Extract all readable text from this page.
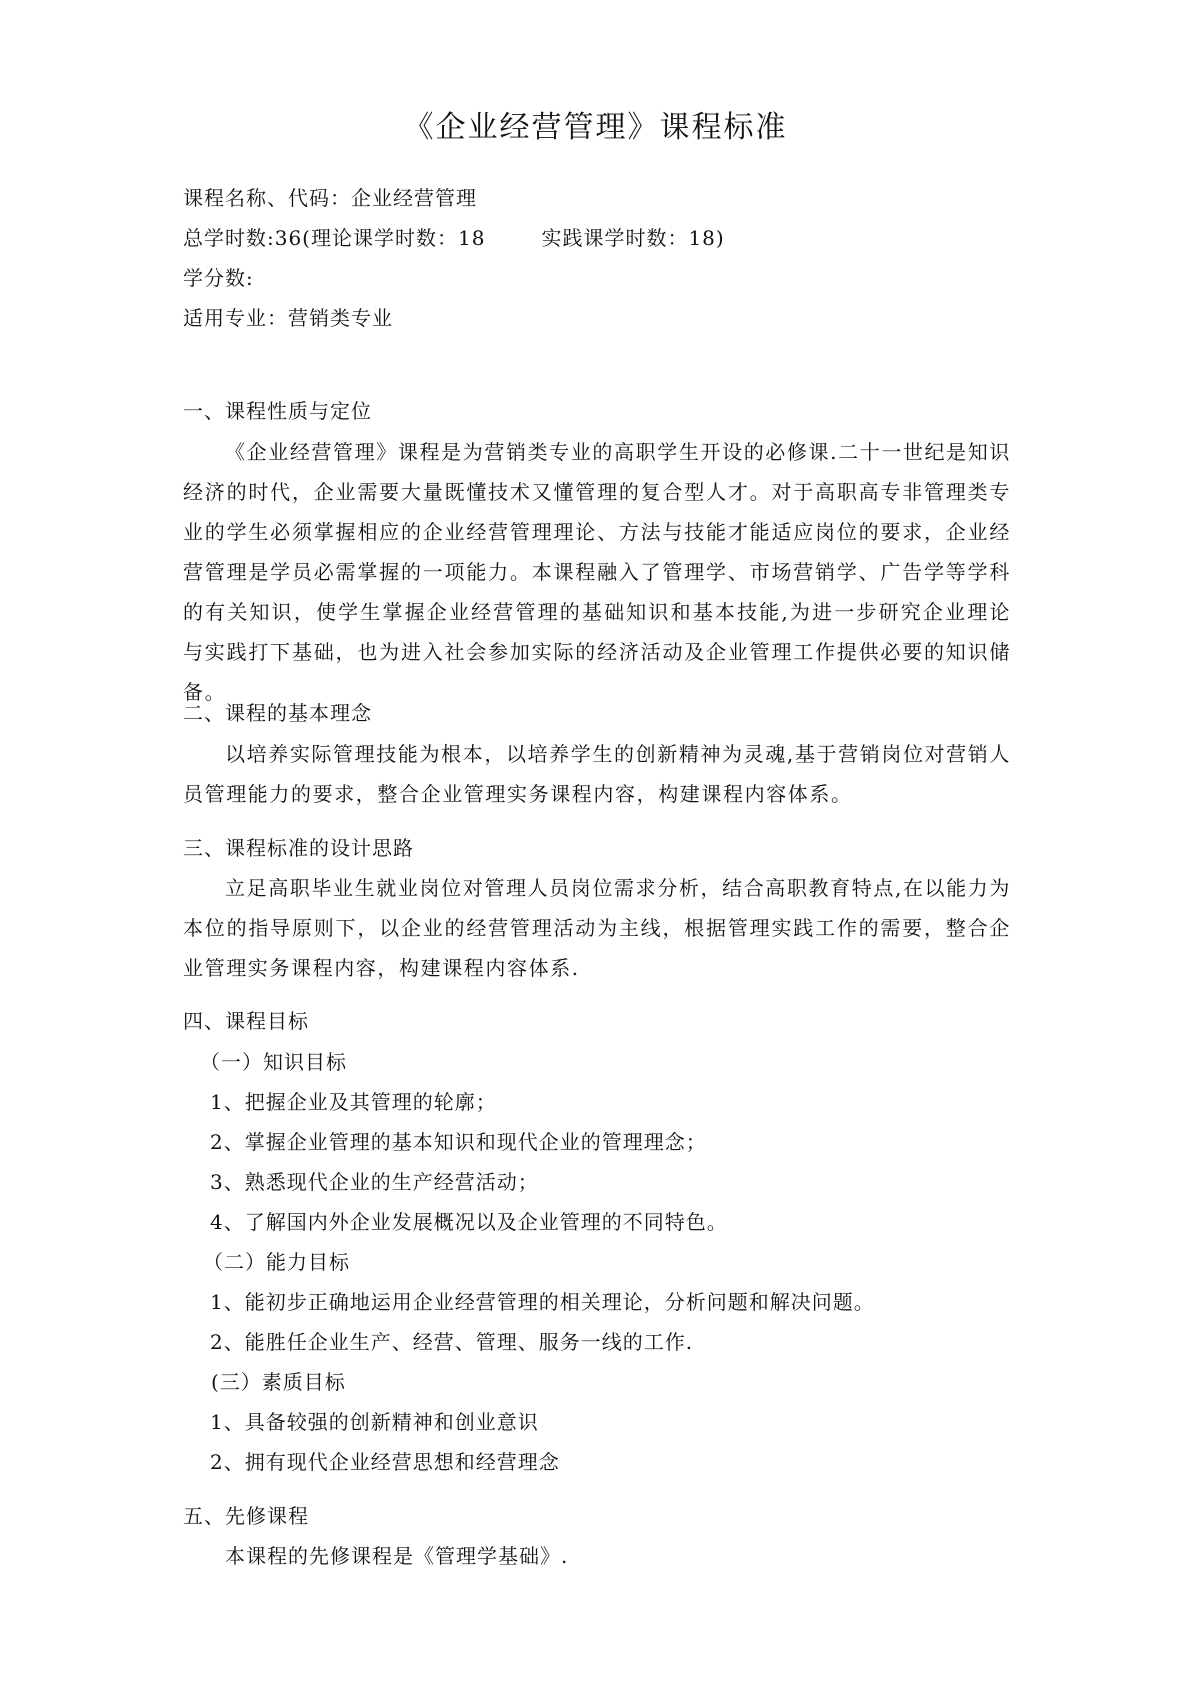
《企业经营管理》课程标准
课程名称、代码：企业经营管理
总学时数:36(理论课学时数：18	实践课学时数：18)
学分数:
适用专业：营销类专业
一、课程性质与定位
《企业经营管理》课程是为营销类专业的高职学生开设的必修课.二十一世纪是知识经济的时代，企业需要大量既懂技术又懂管理的复合型人才。对于高职高专非管理类专业的学生必须掌握相应的企业经营管理理论、方法与技能才能适应岗位的要求，企业经营管理是学员必需掌握的一项能力。本课程融入了管理学、市场营销学、广告学等学科的有关知识，使学生掌握企业经营管理的基础知识和基本技能,为进一步研究企业理论与实践打下基础，也为进入社会参加实际的经济活动及企业管理工作提供必要的知识储备。
二、课程的基本理念
以培养实际管理技能为根本，以培养学生的创新精神为灵魂,基于营销岗位对营销人员管理能力的要求，整合企业管理实务课程内容，构建课程内容体系。
三、课程标准的设计思路
立足高职毕业生就业岗位对管理人员岗位需求分析，结合高职教育特点,在以能力为本位的指导原则下，以企业的经营管理活动为主线，根据管理实践工作的需要，整合企业管理实务课程内容，构建课程内容体系.
四、课程目标
（一）知识目标
1、把握企业及其管理的轮廓；
2、掌握企业管理的基本知识和现代企业的管理理念；
3、熟悉现代企业的生产经营活动；
4、了解国内外企业发展概况以及企业管理的不同特色。
（二）能力目标
1、能初步正确地运用企业经营管理的相关理论，分析问题和解决问题。
2、能胜任企业生产、经营、管理、服务一线的工作.
(三）素质目标
1、具备较强的创新精神和创业意识
2、拥有现代企业经营思想和经营理念
五、先修课程
本课程的先修课程是《管理学基础》.
